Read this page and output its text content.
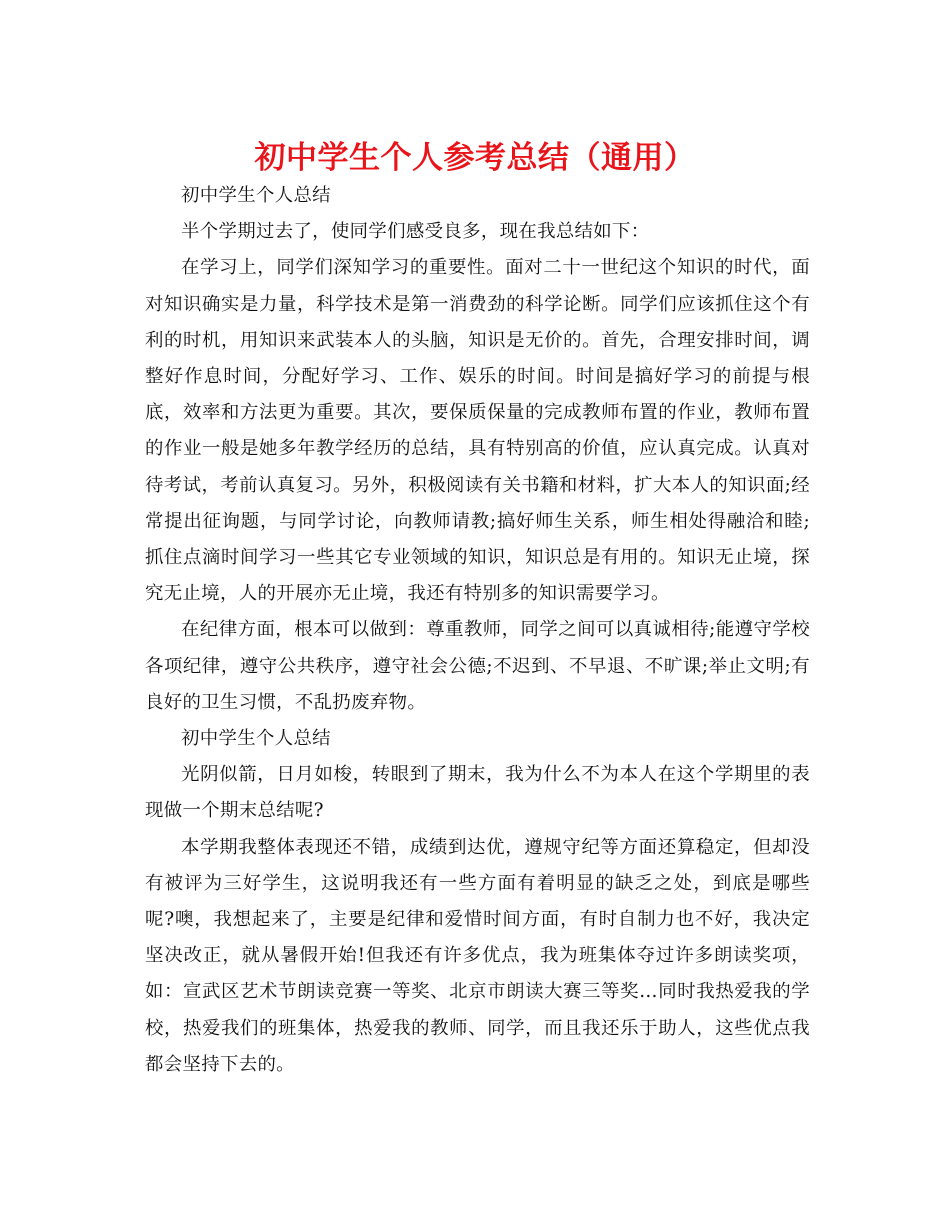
初中学生个人参考总结（通用）

初中学生个人总结

半个学期过去了，使同学们感受良多，现在我总结如下：

在学习上，同学们深知学习的重要性。面对二十一世纪这个知识的时代，面对知识确实是力量，科学技术是第一消费劲的科学论断。同学们应该抓住这个有利的时机，用知识来武装本人的头脑，知识是无价的。首先，合理安排时间，调整好作息时间，分配好学习、工作、娱乐的时间。时间是搞好学习的前提与根底，效率和方法更为重要。其次，要保质保量的完成教师布置的作业，教师布置的作业一般是她多年教学经历的总结，具有特别高的价值，应认真完成。认真对待考试，考前认真复习。另外，积极阅读有关书籍和材料，扩大本人的知识面;经常提出征询题，与同学讨论，向教师请教;搞好师生关系，师生相处得融洽和睦;抓住点滴时间学习一些其它专业领域的知识，知识总是有用的。知识无止境，探究无止境，人的开展亦无止境，我还有特别多的知识需要学习。

在纪律方面，根本可以做到：尊重教师，同学之间可以真诚相待;能遵守学校各项纪律，遵守公共秩序，遵守社会公德;不迟到、不早退、不旷课;举止文明;有良好的卫生习惯，不乱扔废弃物。

初中学生个人总结

光阴似箭，日月如梭，转眼到了期末，我为什么不为本人在这个学期里的表现做一个期末总结呢?

本学期我整体表现还不错，成绩到达优，遵规守纪等方面还算稳定，但却没有被评为三好学生，这说明我还有一些方面有着明显的缺乏之处，到底是哪些呢?噢，我想起来了，主要是纪律和爱惜时间方面，有时自制力也不好，我决定坚决改正，就从暑假开始!但我还有许多优点，我为班集体夺过许多朗读奖项，如：宣武区艺术节朗读竞赛一等奖、北京市朗读大赛三等奖…同时我热爱我的学校，热爱我们的班集体，热爱我的教师、同学，而且我还乐于助人，这些优点我都会坚持下去的。
